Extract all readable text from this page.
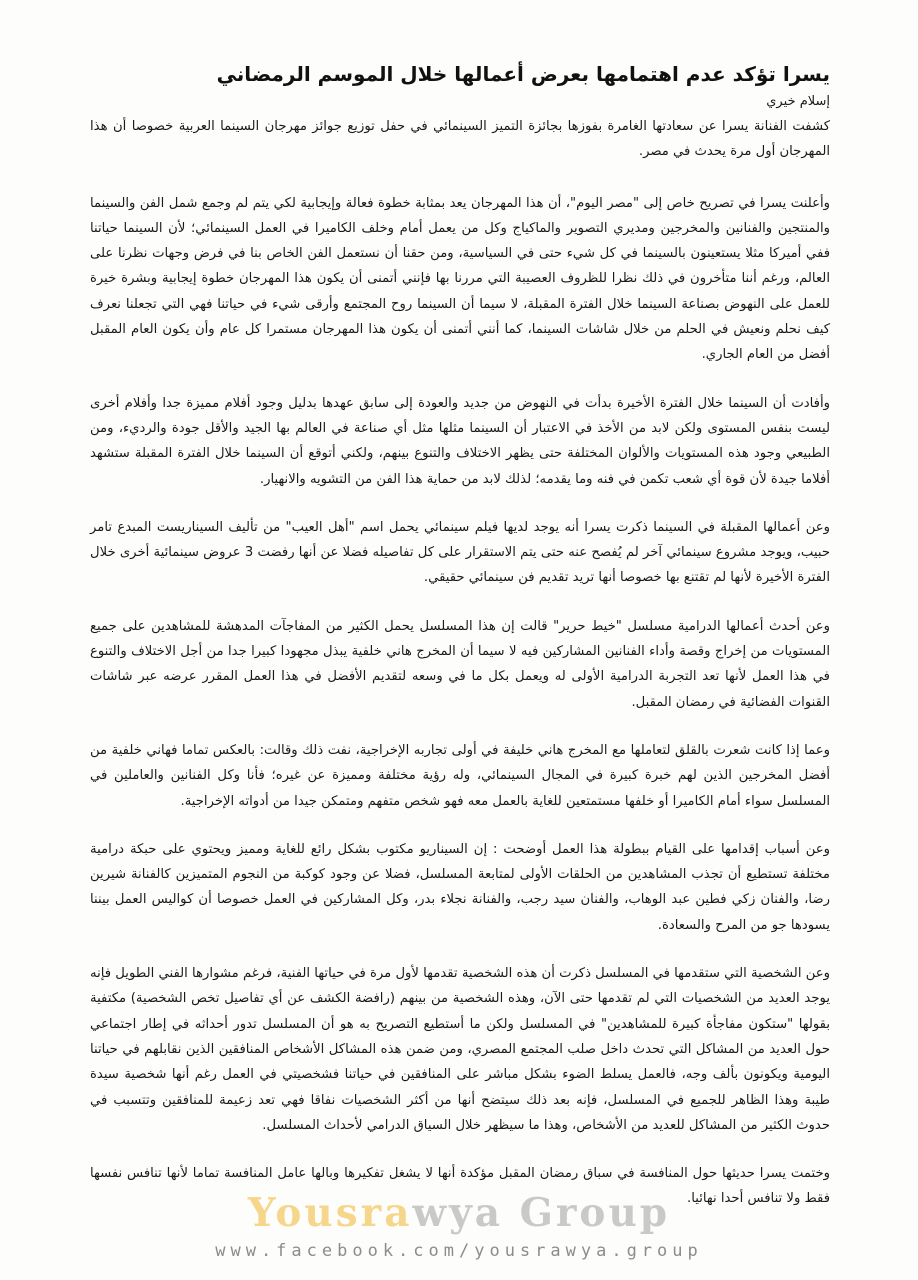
يسرا تؤكد عدم اهتمامها بعرض أعمالها خلال الموسم الرمضاني

إسلام خيري

كشفت الفنانة يسرا عن سعادتها الغامرة بفوزها بجائزة التميز السينمائي في حفل توزيع جوائز مهرجان السينما العربية خصوصا أن هذا المهرجان أول مرة يحدث في مصر.

وأعلنت يسرا في تصريح خاص إلى "مصر اليوم"، أن هذا المهرجان يعد بمثابة خطوة فعالة وإيجابية لكي يتم لم وجمع شمل الفن والسينما والمنتجين والفنانين والمخرجين ومديري التصوير والماكياج وكل من يعمل أمام وخلف الكاميرا في العمل السينمائي؛ لأن السينما حياتنا ففي أميركا مثلا يستعينون بالسينما في كل شيء حتى في السياسية، ومن حقنا أن نستعمل الفن الخاص بنا في فرض وجهات نظرنا على العالم، ورغم أننا متأخرون في ذلك نظرا للظروف العصيبة التي مررنا بها فإنني أتمنى أن يكون هذا المهرجان خطوة إيجابية وبشرة خيرة للعمل على النهوض بصناعة السينما خلال الفترة المقبلة، لا سيما أن السينما روح المجتمع وأرقى شيء في حياتنا فهي التي تجعلنا نعرف كيف نحلم ونعيش في الحلم من خلال شاشات السينما، كما أنني أتمنى أن يكون هذا المهرجان مستمرا كل عام وأن يكون العام المقبل أفضل من العام الجاري.

وأفادت أن السينما خلال الفترة الأخيرة بدأت في النهوض من جديد والعودة إلى سابق عهدها بدليل وجود أفلام مميزة جدا وأفلام أخرى ليست بنفس المستوى ولكن لابد من الأخذ في الاعتبار أن السينما مثلها مثل أي صناعة في العالم بها الجيد والأقل جودة والرديء، ومن الطبيعي وجود هذه المستويات والألوان المختلفة حتى يظهر الاختلاف والتنوع بينهم، ولكني أتوقع أن السينما خلال الفترة المقبلة ستشهد أفلاما جيدة لأن قوة أي شعب تكمن في فنه وما يقدمه؛ لذلك لابد من حماية هذا الفن من التشويه والانهيار.

وعن أعمالها المقبلة في السينما ذكرت يسرا أنه يوجد لديها فيلم سينمائي يحمل اسم "أهل العيب" من تأليف السيناريست المبدع تامر حبيب، ويوجد مشروع سينمائي آخر لم يُفصح عنه حتى يتم الاستقرار على كل تفاصيله فضلا عن أنها رفضت 3 عروض سينمائية أخرى خلال الفترة الأخيرة لأنها لم تقتنع بها خصوصا أنها تريد تقديم فن سينمائي حقيقي.

وعن أحدث أعمالها الدرامية مسلسل "خيط حرير" قالت إن هذا المسلسل يحمل الكثير من المفاجآت المدهشة للمشاهدين على جميع المستويات من إخراج وقصة وأداء الفنانين المشاركين فيه لا سيما أن المخرج هاني خلفية يبذل مجهودا كبيرا جدا من أجل الاختلاف والتنوع في هذا العمل لأنها تعد التجربة الدرامية الأولى له ويعمل بكل ما في وسعه لتقديم الأفضل في هذا العمل المقرر عرضه عبر شاشات القنوات الفضائية في رمضان المقبل.

وعما إذا كانت شعرت بالقلق لتعاملها مع المخرج هاني خليفة في أولى تجاربه الإخراجية، نفت ذلك وقالت: بالعكس تماما فهاني خلفية من أفضل المخرجين الذين لهم خبرة كبيرة في المجال السينمائي، وله رؤية مختلفة ومميزة عن غيره؛ فأنا وكل الفنانين والعاملين في المسلسل سواء أمام الكاميرا أو خلفها مستمتعين للغاية بالعمل معه فهو شخص متفهم ومتمكن جيدا من أدواته الإخراجية.

وعن أسباب إقدامها على القيام ببطولة هذا العمل أوضحت : إن السيناريو مكتوب بشكل رائع للغاية ومميز ويحتوي على حبكة درامية مختلفة تستطيع أن تجذب المشاهدين من الحلقات الأولى لمتابعة المسلسل، فضلا عن وجود كوكبة من النجوم المتميزين كالفنانة شيرين رضا، والفنان زكي فطين عبد الوهاب، والفنان سيد رجب، والفنانة نجلاء بدر، وكل المشاركين في العمل خصوصا أن كواليس العمل بيننا يسودها جو من المرح والسعادة.

وعن الشخصية التي ستقدمها في المسلسل ذكرت أن هذه الشخصية تقدمها لأول مرة في حياتها الفنية، فرغم مشوارها الفني الطويل فإنه يوجد العديد من الشخصيات التي لم تقدمها حتى الآن، وهذه الشخصية من بينهم (رافضة الكشف عن أي تفاصيل تخص الشخصية) مكتفية بقولها "ستكون مفاجأة كبيرة للمشاهدين" في المسلسل ولكن ما أستطيع التصريح به هو أن المسلسل تدور أحداثه في إطار اجتماعي حول العديد من المشاكل التي تحدث داخل صلب المجتمع المصري، ومن ضمن هذه المشاكل الأشخاص المنافقين الذين نقابلهم في حياتنا اليومية ويكونون بألف وجه، فالعمل يسلط الضوء بشكل مباشر على المنافقين في حياتنا فشخصيتي في العمل رغم أنها شخصية سيدة طيبة وهذا الظاهر للجميع في المسلسل، فإنه بعد ذلك سيتضح أنها من أكثر الشخصيات نفاقا فهي تعد زعيمة للمنافقين وتتسبب في حدوث الكثير من المشاكل للعديد من الأشخاص، وهذا ما سيظهر خلال السياق الدرامي لأحداث المسلسل.

وختمت يسرا حديثها حول المنافسة في سباق رمضان المقبل مؤكدة أنها لا يشغل تفكيرها وبالها عامل المنافسة تماما لأنها تنافس نفسها فقط ولا تنافس أحدا نهائيا.

Yousrawya Group
www.facebook.com/yousrawya.group
